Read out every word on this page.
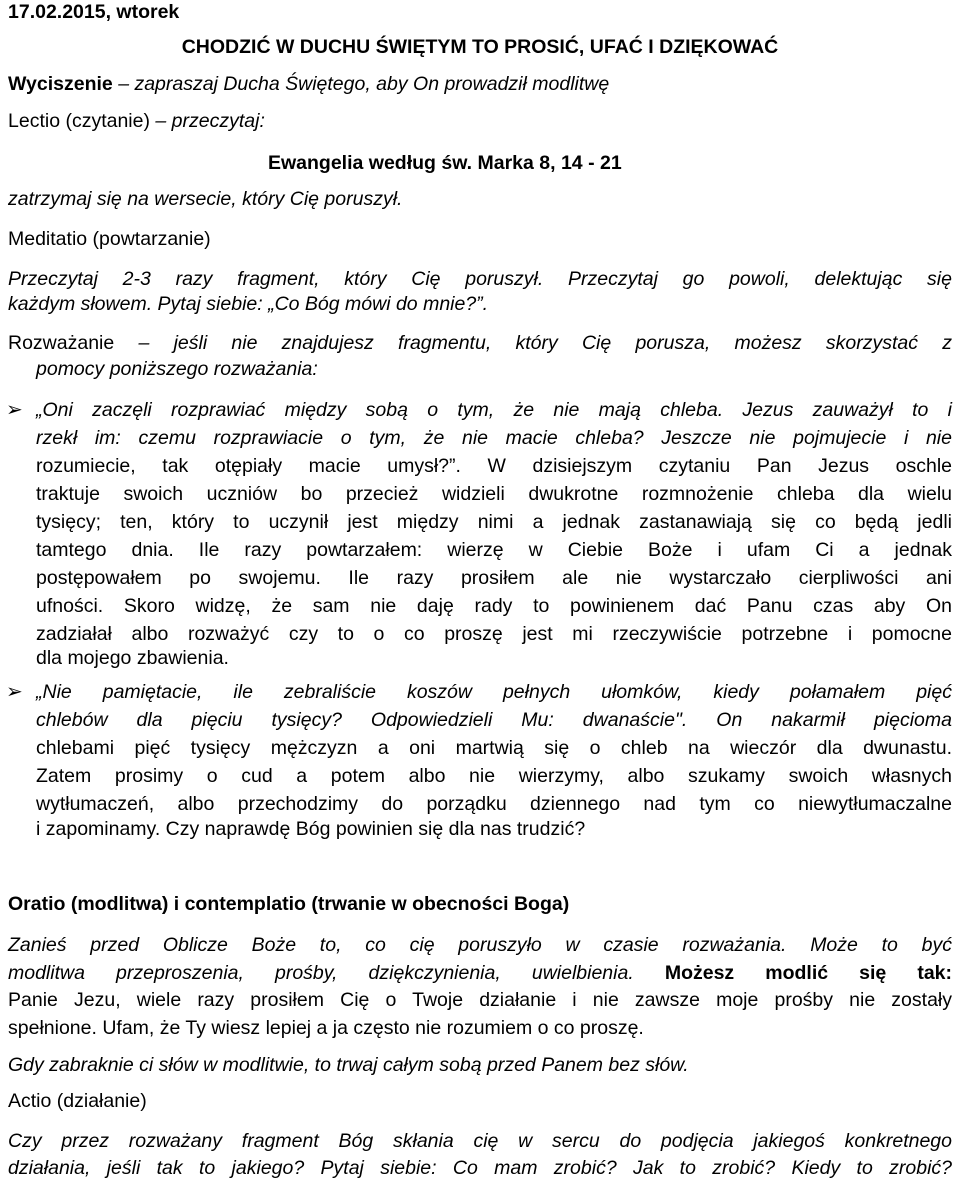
17.02.2015, wtorek
CHODZIĆ W DUCHU ŚWIĘTYM TO PROSIĆ, UFAĆ I DZIĘKOWAĆ
Wyciszenie – zapraszaj Ducha Świętego, aby On prowadził modlitwę
Lectio (czytanie) – przeczytaj:
Ewangelia według św. Marka 8, 14 - 21
zatrzymaj się na wersecie, który Cię poruszył.
Meditatio (powtarzanie)
Przeczytaj 2-3 razy fragment, który Cię poruszył. Przeczytaj go powoli, delektując się
każdym słowem. Pytaj siebie: „Co Bóg mówi do mnie?”.
Rozważanie – jeśli nie znajdujesz fragmentu, który Cię porusza, możesz skorzystać z
pomocy poniższego rozważania:
➢ „Oni zaczęli rozprawiać między sobą o tym, że nie mają chleba. Jezus zauważył to i
rzekł im: czemu rozprawiacie o tym, że nie macie chleba? Jeszcze nie pojmujecie i nie
rozumiecie, tak otępiały macie umysł?”. W dzisiejszym czytaniu Pan Jezus oschle
traktuje swoich uczniów bo przecież widzieli dwukrotne rozmnożenie chleba dla wielu
tysięcy; ten, który to uczynił jest między nimi a jednak zastanawiają się co będą jedli
tamtego dnia. Ile razy powtarzałem: wierzę w Ciebie Boże i ufam Ci a jednak
postępowałem po swojemu. Ile razy prosiłem ale nie wystarczało cierpliwości ani
ufności. Skoro widzę, że sam nie daję rady to powinienem dać Panu czas aby On
zadziałał albo rozważyć czy to o co proszę jest mi rzeczywiście potrzebne i pomocne
dla mojego zbawienia.
➢ „Nie pamiętacie, ile zebraliście koszów pełnych ułomków, kiedy połamałem pięć
chlebów dla pięciu tysięcy? Odpowiedzieli Mu: dwanaście". On nakarmił pięcioma
chlebami pięć tysięcy mężczyzn a oni martwią się o chleb na wieczór dla dwunastu.
Zatem prosimy o cud a potem albo nie wierzymy, albo szukamy swoich własnych
wytłumaczeń, albo przechodzimy do porządku dziennego nad tym co niewytłumaczalne
i zapominamy. Czy naprawdę Bóg powinien się dla nas trudzić?
Oratio (modlitwa) i contemplatio (trwanie w obecności Boga)
Zanieś przed Oblicze Boże to, co cię poruszyło w czasie rozważania. Może to być
modlitwa przeproszenia, prośby, dziękczynienia, uwielbienia. Możesz modlić się tak:
Panie Jezu, wiele razy prosiłem Cię o Twoje działanie i nie zawsze moje prośby nie zostały
spełnione. Ufam, że Ty wiesz lepiej a ja często nie rozumiem o co proszę.
Gdy zabraknie ci słów w modlitwie, to trwaj całym sobą przed Panem bez słów.
Actio (działanie)
Czy przez rozważany fragment Bóg skłania cię w sercu do podjęcia jakiegoś konkretnego
działania, jeśli tak to jakiego? Pytaj siebie: Co mam zrobić? Jak to zrobić? Kiedy to zrobić?
